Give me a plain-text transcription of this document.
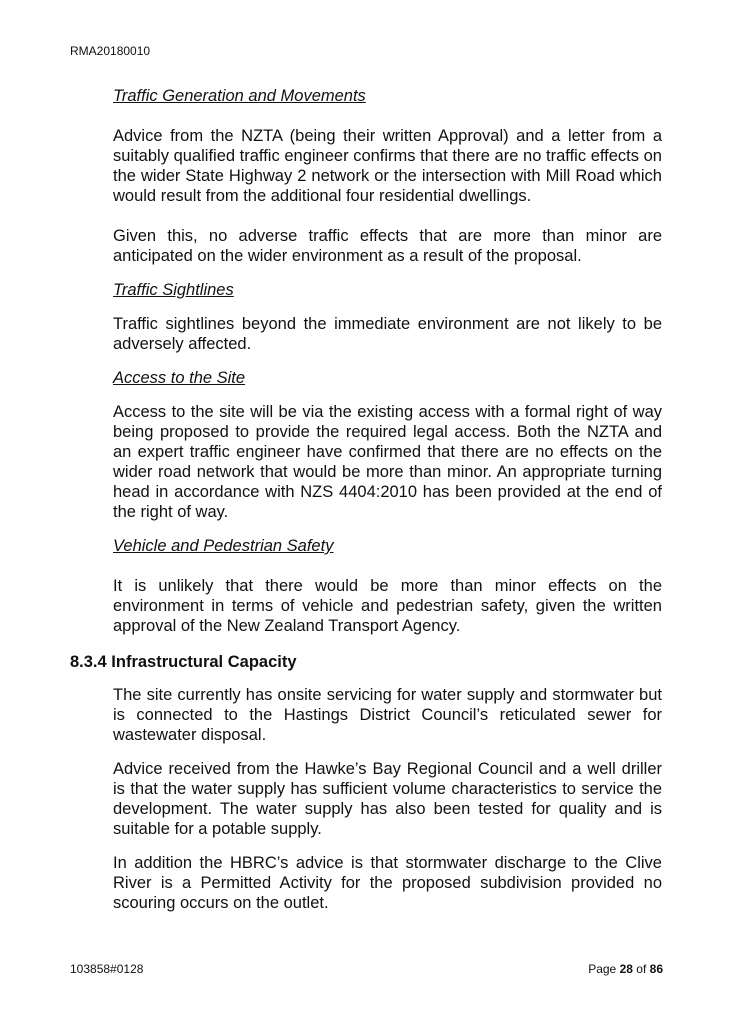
RMA20180010

Traffic Generation and Movements

Advice from the NZTA (being their written Approval) and a letter from a suitably qualified traffic engineer confirms that there are no traffic effects on the wider State Highway 2 network or the intersection with Mill Road which would result from the additional four residential dwellings.

Given this, no adverse traffic effects that are more than minor are anticipated on the wider environment as a result of the proposal.

Traffic Sightlines

Traffic sightlines beyond the immediate environment are not likely to be adversely affected.

Access to the Site

Access to the site will be via the existing access with a formal right of way being proposed to provide the required legal access. Both the NZTA and an expert traffic engineer have confirmed that there are no effects on the wider road network that would be more than minor. An appropriate turning head in accordance with NZS 4404:2010 has been provided at the end of the right of way.

Vehicle and Pedestrian Safety

It is unlikely that there would be more than minor effects on the environment in terms of vehicle and pedestrian safety, given the written approval of the New Zealand Transport Agency.

8.3.4 Infrastructural Capacity

The site currently has onsite servicing for water supply and stormwater but is connected to the Hastings District Council’s reticulated sewer for wastewater disposal.

Advice received from the Hawke’s Bay Regional Council and a well driller is that the water supply has sufficient volume characteristics to service the development. The water supply has also been tested for quality and is suitable for a potable supply.

In addition the HBRC’s advice is that stormwater discharge to the Clive River is a Permitted Activity for the proposed subdivision provided no scouring occurs on the outlet.

103858#0128	Page 28 of 86
